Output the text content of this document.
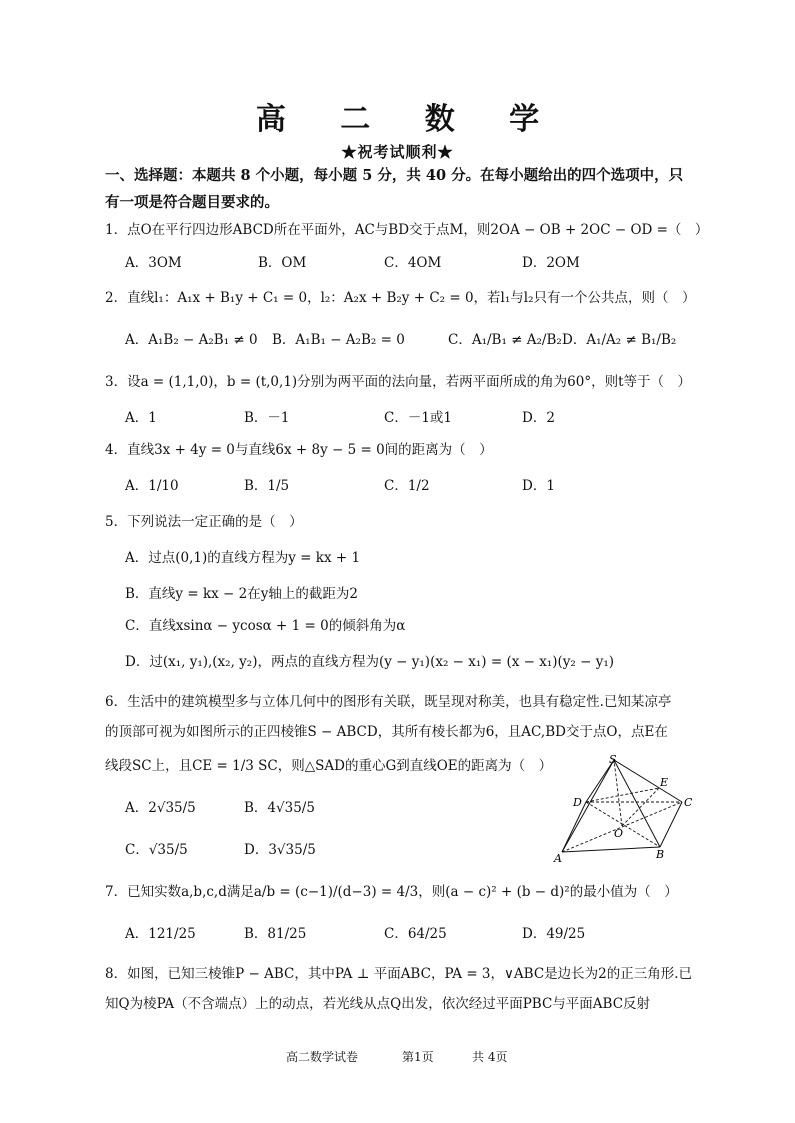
高 二 数 学
★祝考试顺利★
一、选择题：本题共 8 个小题，每小题 5 分，共 40 分。在每小题给出的四个选项中，只有一项是符合题目要求的。
1．点O在平行四边形ABCD所在平面外，AC与BD交于点M，则2OA − OB + 2OC − OD =（　）
A．3OM	B．OM	C．4OM	D．2OM
2．直线l₁：A₁x + B₁y + C₁ = 0，l₂：A₂x + B₂y + C₂ = 0，若l₁与l₂只有一个公共点，则（　）
A．A₁B₂ − A₂B₁ ≠ 0 B．A₁B₁ − A₂B₂ = 0	C．A₁/B₁ ≠ A₂/B₂ D．A₁/A₂ ≠ B₁/B₂
3．设a = (1,1,0)，b = (t,0,1)分别为两平面的法向量，若两平面所成的角为60°，则t等于（　）
A．1	B．－1	C．－1或1	D．2
4．直线3x + 4y = 0与直线6x + 8y − 5 = 0间的距离为（　）
A．1/10	B．1/5	C．1/2	D．1
5．下列说法一定正确的是（　）
A．过点(0,1)的直线方程为y = kx + 1
B．直线y = kx − 2在y轴上的截距为2
C．直线xsinα − ycosα + 1 = 0的倾斜角为α
D．过(x₁, y₁),(x₂, y₂)，两点的直线方程为(y − y₁)(x₂ − x₁) = (x − x₁)(y₂ − y₁)
6．生活中的建筑模型多与立体几何中的图形有关联，既呈现对称美，也具有稳定性.已知某凉亭
的顶部可视为如图所示的正四棱锥S − ABCD，其所有棱长都为6，且AC,BD交于点O，点E在
线段SC上，且CE = 1/3 SC，则△SAD的重心G到直线OE的距离为（　）
A．2√35/5	B．4√35/5
C．√35/5	D．3√35/5
S
E
D	C
O
A	B
7．已知实数a,b,c,d满足a/b = (c−1)/(d−3) = 4/3，则(a − c)² + (b − d)²的最小值为（　）
A．121/25	B．81/25	C．64/25	D．49/25
8．如图，已知三棱锥P − ABC，其中PA ⊥ 平面ABC，PA = 3，∨ABC是边长为2的正三角形.已
知Q为棱PA（不含端点）上的动点，若光线从点Q出发，依次经过平面PBC与平面ABC反射
高二数学试卷	第1页	共 4页
